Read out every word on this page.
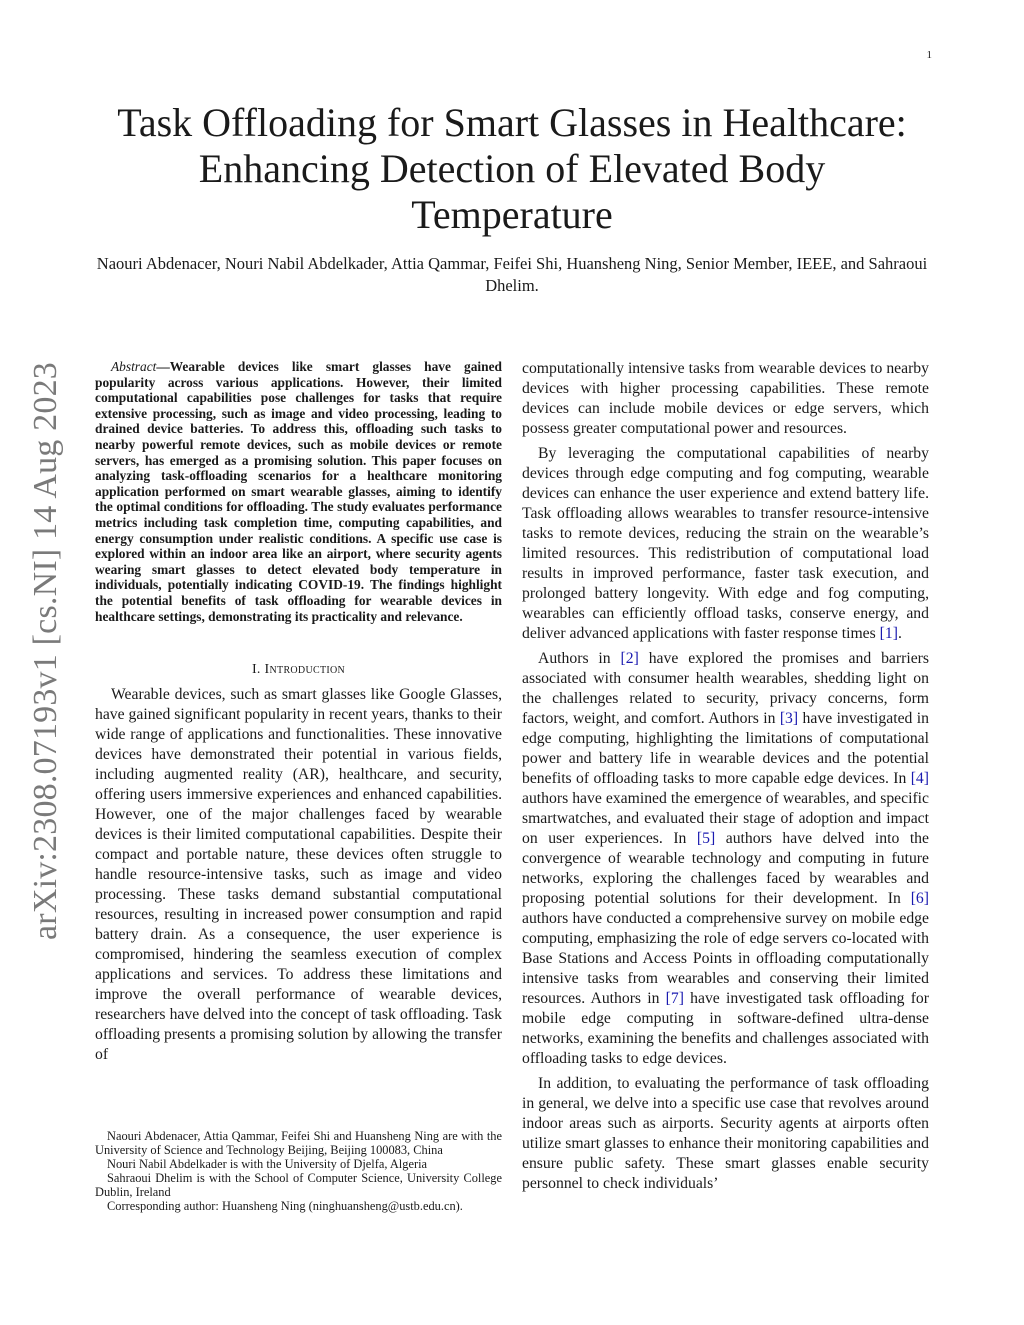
1
arXiv:2308.07193v1 [cs.NI] 14 Aug 2023
Task Offloading for Smart Glasses in Healthcare: Enhancing Detection of Elevated Body Temperature
Naouri Abdenacer, Nouri Nabil Abdelkader, Attia Qammar, Feifei Shi, Huansheng Ning, Senior Member, IEEE, and Sahraoui Dhelim.

Abstract—Wearable devices like smart glasses have gained popularity across various applications. However, their limited computational capabilities pose challenges for tasks that require extensive processing, such as image and video processing, leading to drained device batteries. To address this, offloading such tasks to nearby powerful remote devices, such as mobile devices or remote servers, has emerged as a promising solution. This paper focuses on analyzing task-offloading scenarios for a healthcare monitoring application performed on smart wearable glasses, aiming to identify the optimal conditions for offloading. The study evaluates performance metrics including task completion time, computing capabilities, and energy consumption under realistic conditions. A specific use case is explored within an indoor area like an airport, where security agents wearing smart glasses to detect elevated body temperature in individuals, potentially indicating COVID-19. The findings highlight the potential benefits of task offloading for wearable devices in healthcare settings, demonstrating its practicality and relevance.

I. Introduction

Wearable devices, such as smart glasses like Google Glasses, have gained significant popularity in recent years, thanks to their wide range of applications and functionalities. These innovative devices have demonstrated their potential in various fields, including augmented reality (AR), healthcare, and security, offering users immersive experiences and enhanced capabilities. However, one of the major challenges faced by wearable devices is their limited computational capabilities. Despite their compact and portable nature, these devices often struggle to handle resource-intensive tasks, such as image and video processing. These tasks demand substantial computational resources, resulting in increased power consumption and rapid battery drain. As a consequence, the user experience is compromised, hindering the seamless execution of complex applications and services. To address these limitations and improve the overall performance of wearable devices, researchers have delved into the concept of task offloading. Task offloading presents a promising solution by allowing the transfer of

computationally intensive tasks from wearable devices to nearby devices with higher processing capabilities. These remote devices can include mobile devices or edge servers, which possess greater computational power and resources.

By leveraging the computational capabilities of nearby devices through edge computing and fog computing, wearable devices can enhance the user experience and extend battery life. Task offloading allows wearables to transfer resource-intensive tasks to remote devices, reducing the strain on the wearable’s limited resources. This redistribution of computational load results in improved performance, faster task execution, and prolonged battery longevity. With edge and fog computing, wearables can efficiently offload tasks, conserve energy, and deliver advanced applications with faster response times [1].

Authors in [2] have explored the promises and barriers associated with consumer health wearables, shedding light on the challenges related to security, privacy concerns, form factors, weight, and comfort. Authors in [3] have investigated in edge computing, highlighting the limitations of computational power and battery life in wearable devices and the potential benefits of offloading tasks to more capable edge devices. In [4] authors have examined the emergence of wearables, and specific smartwatches, and evaluated their stage of adoption and impact on user experiences. In [5] authors have delved into the convergence of wearable technology and computing in future networks, exploring the challenges faced by wearables and proposing potential solutions for their development. In [6] authors have conducted a comprehensive survey on mobile edge computing, emphasizing the role of edge servers co-located with Base Stations and Access Points in offloading computationally intensive tasks from wearables and conserving their limited resources. Authors in [7] have investigated task offloading for mobile edge computing in software-defined ultra-dense networks, examining the benefits and challenges associated with offloading tasks to edge devices.

In addition, to evaluating the performance of task offloading in general, we delve into a specific use case that revolves around indoor areas such as airports. Security agents at airports often utilize smart glasses to enhance their monitoring capabilities and ensure public safety. These smart glasses enable security personnel to check individuals’

Naouri Abdenacer, Attia Qammar, Feifei Shi and Huansheng Ning are with the University of Science and Technology Beijing, Beijing 100083, China

Nouri Nabil Abdelkader is with the University of Djelfa, Algeria

Sahraoui Dhelim is with the School of Computer Science, University College Dublin, Ireland

Corresponding author: Huansheng Ning (ninghuansheng@ustb.edu.cn).
